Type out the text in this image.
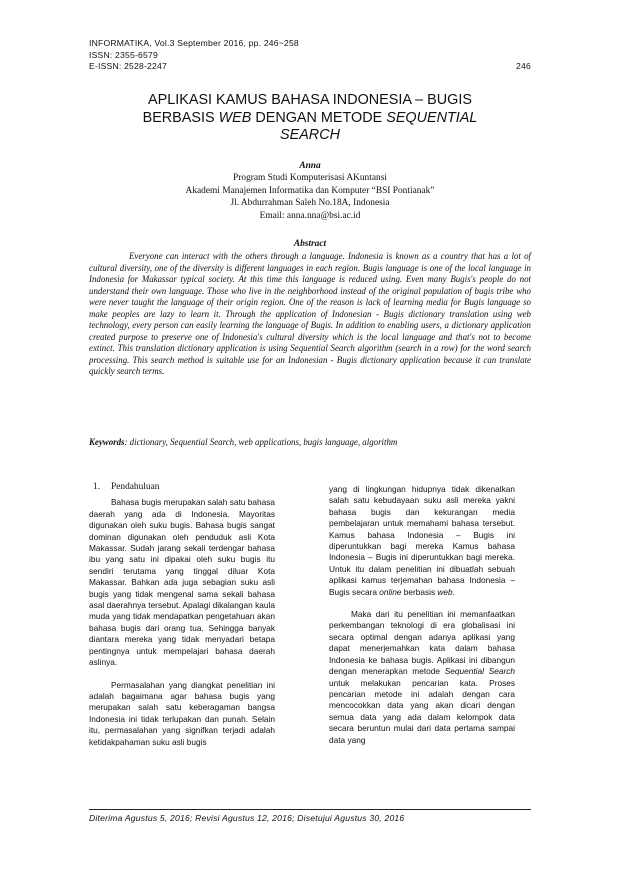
INFORMATIKA, Vol.3 September 2016, pp. 246~258
ISSN: 2355-6579
E-ISSN: 2528-2247	246
APLIKASI KAMUS BAHASA INDONESIA – BUGIS
BERBASIS WEB DENGAN METODE SEQUENTIAL
SEARCH
Anna
Program Studi Komputerisasi AKuntansi
Akademi Manajemen Informatika dan Komputer “BSI Pontianak”
Jl. Abdurrahman Saleh No.18A, Indonesia
Email: anna.nna@bsi.ac.id
Abstract

Everyone can interact with the others through a language. Indonesia is known as a country that has a lot of cultural diversity, one of the diversity is different languages in each region. Bugis language is one of the local language in Indonesia for Makassar typical society. At this time this language is reduced using. Even many Bugis's people do not understand their own language. Those who live in the neighborhood instead of the original population of bugis tribe who were never taught the language of their origin region. One of the reason is lack of learning media for Bugis language so make peoples are lazy to learn it. Through the application of Indonesian - Bugis dictionary translation using web technology, every person can easily learning the language of Bugis. In addition to enabling users, a dictionary application created purpose to preserve one of Indonesia's cultural diversity which is the local language and that's not to become extinct. This translation dictionary application is using Sequential Search algorithm (search in a row) for the word search processing. This search method is suitable use for an Indonesian - Bugis dictionary application because it can translate quickly search terms.

Keywords: dictionary, Sequential Search, web applications, bugis language, algorithm
1. Pendahuluan

Bahasa bugis merupakan salah satu bahasa daerah yang ada di Indonesia. Mayoritas digunakan oleh suku bugis. Bahasa bugis sangat dominan digunakan oleh penduduk asli Kota Makassar. Sudah jarang sekali terdengar bahasa ibu yang satu ini dipakai oleh suku bugis itu sendiri terutama yang tinggal diluar Kota Makassar. Bahkan ada juga sebagian suku asli bugis yang tidak mengenal sama sekali bahasa asal daerahnya tersebut. Apalagi dikalangan kaula muda yang tidak mendapatkan pengetahuan akan bahasa bugis dari orang tua. Sehingga banyak diantara mereka yang tidak menyadari betapa pentingnya untuk mempelajari bahasa daerah aslinya.

Permasalahan yang diangkat penelitian ini adalah bagaimana agar bahasa bugis yang merupakan salah satu keberagaman bangsa Indonesia ini tidak terlupakan dan punah. Selain itu, permasalahan yang signifkan terjadi adalah ketidakpahaman suku asli bugis

yang di lingkungan hidupnya tidak dikenalkan salah satu kebudayaan suku asli mereka yakni bahasa bugis dan kekurangan media pembelajaran untuk memahami bahasa tersebut. Kamus bahasa Indonesia – Bugis ini diperuntukkan bagi mereka Kamus bahasa Indonesia – Bugis ini diperuntukkan bagi mereka. Untuk itu dalam penelitian ini dibuatlah sebuah aplikasi kamus terjemahan bahasa Indonesia – Bugis secara online berbasis web.

Maka dari itu penelitian ini memanfaatkan perkembangan teknologi di era globalisasi ini secara optimal dengan adanya aplikasi yang dapat menerjemahkan kata dalam bahasa Indonesia ke bahasa bugis. Aplikasi ini dibangun dengan menerapkan metode Sequential Search untuk melakukan pencarian kata. Proses pencarian metode ini adalah dengan cara mencocokkan data yang akan dicari dengan semua data yang ada dalam kelompok data secara beruntun mulai dari data pertama sampai data yang

Diterima Agustus 5, 2016; Revisi Agustus 12, 2016; Disetujui Agustus 30, 2016
